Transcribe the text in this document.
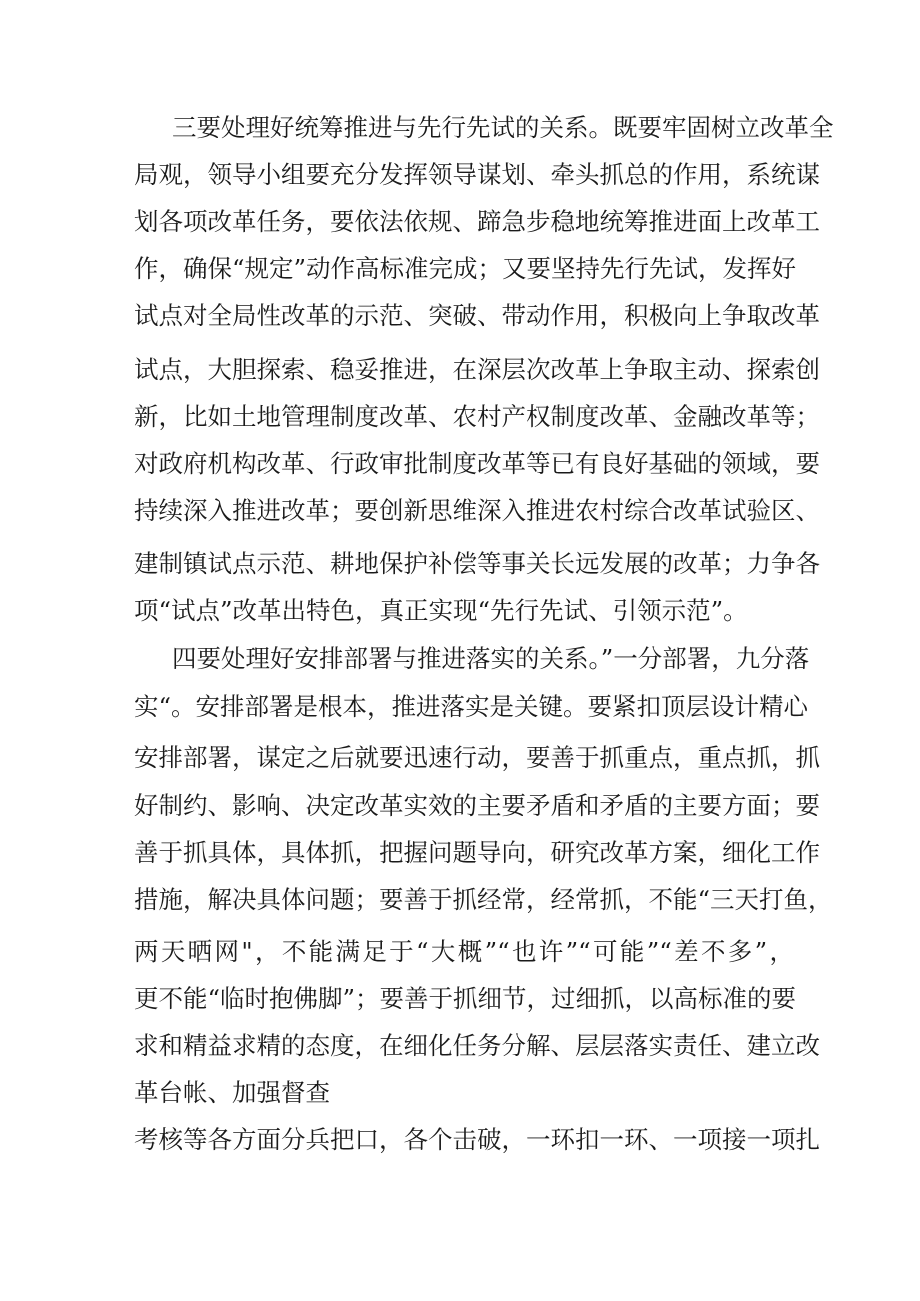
三要处理好统筹推进与先行先试的关系。既要牢固树立改革全
局观，领导小组要充分发挥领导谋划、牵头抓总的作用，系统谋
划各项改革任务，要依法依规、蹄急步稳地统筹推进面上改革工
作，确保“规定”动作高标准完成；又要坚持先行先试，发挥好
试点对全局性改革的示范、突破、带动作用，积极向上争取改革
试点，大胆探索、稳妥推进，在深层次改革上争取主动、探索创
新，比如土地管理制度改革、农村产权制度改革、金融改革等；
对政府机构改革、行政审批制度改革等已有良好基础的领域，要
持续深入推进改革；要创新思维深入推进农村综合改革试验区、
建制镇试点示范、耕地保护补偿等事关长远发展的改革；力争各
项“试点”改革出特色，真正实现“先行先试、引领示范”。
四要处理好安排部署与推进落实的关系。”一分部署，九分落
实“。安排部署是根本，推进落实是关键。要紧扣顶层设计精心
安排部署，谋定之后就要迅速行动，要善于抓重点，重点抓，抓
好制约、影响、决定改革实效的主要矛盾和矛盾的主要方面；要
善于抓具体，具体抓，把握问题导向，研究改革方案，细化工作
措施，解决具体问题；要善于抓经常，经常抓，不能“三天打鱼，
两天晒网"，不能满足于“大概”“也许”“可能”“差不多”，
更不能“临时抱佛脚”；要善于抓细节，过细抓，以高标准的要
求和精益求精的态度，在细化任务分解、层层落实责任、建立改
革台帐、加强督查
考核等各方面分兵把口，各个击破，一环扣一环、一项接一项扎
